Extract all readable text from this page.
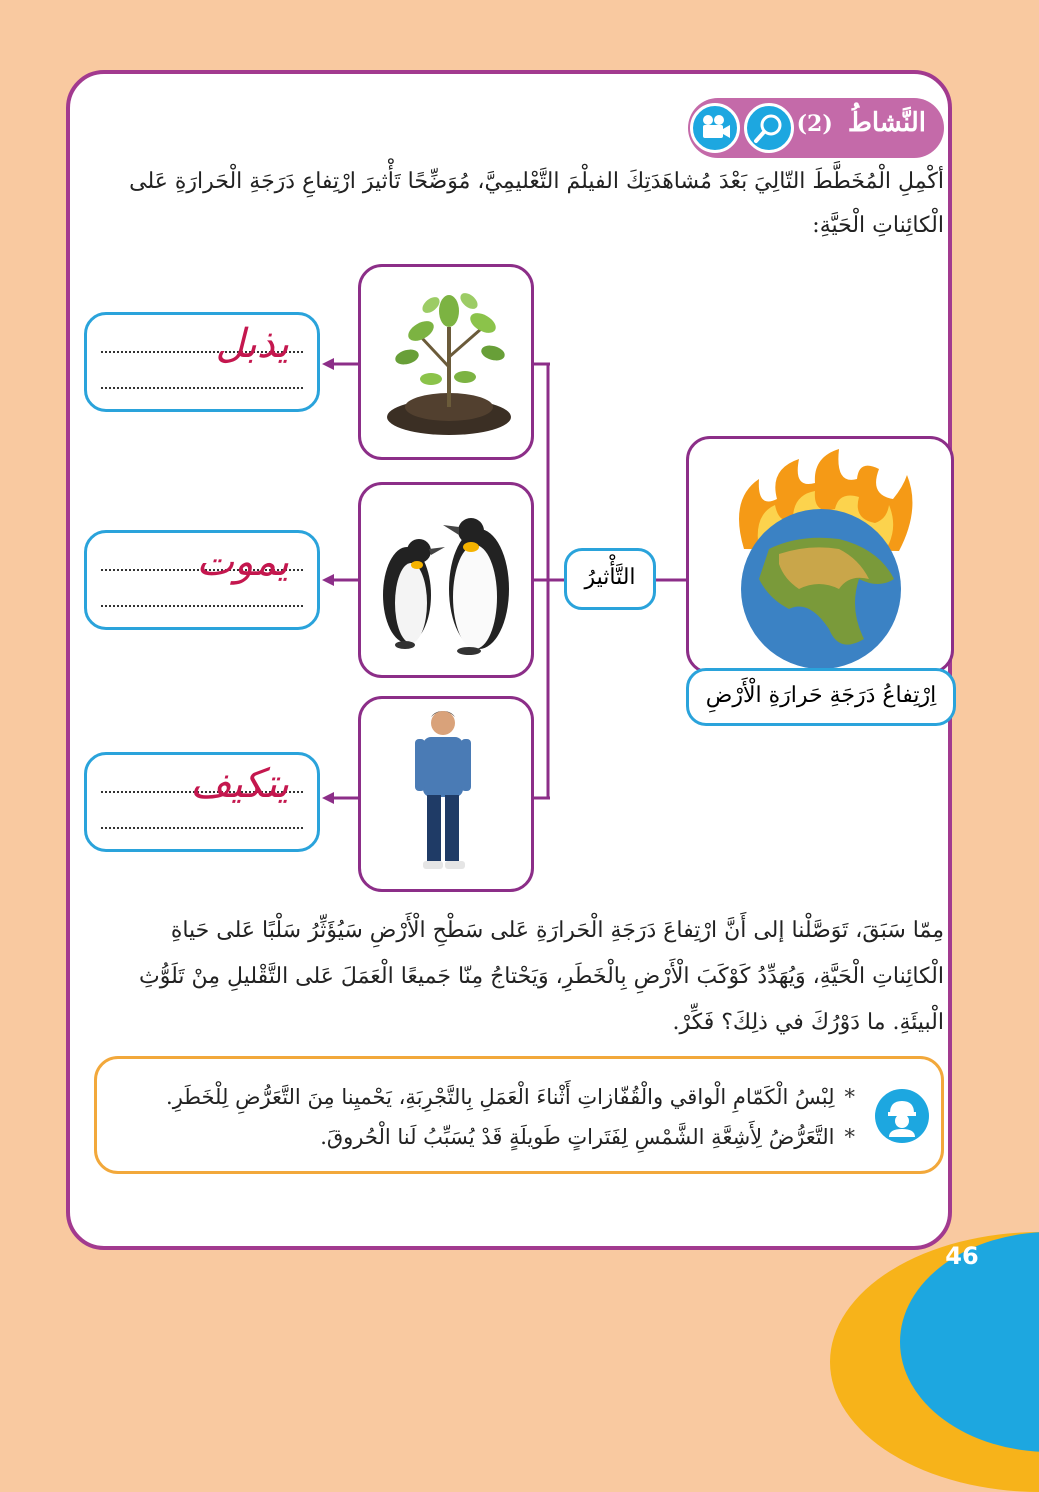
النَّشاطُ (2)
أكْمِلِ الْمُخَطَّطَ التّالِيَ بَعْدَ مُشاهَدَتِكَ الفيلْمَ التَّعْليمِيَّ، مُوَضِّحًا تَأْثيرَ ارْتِفاعِ دَرَجَةِ الْحَرارَةِ عَلى الْكائِناتِ الْحَيَّةِ:
اِرْتِفاعُ دَرَجَةِ حَرارَةِ الْأَرْضِ
التَّأْثيرُ
يذبل
يموت
يتكيف
مِمّا سَبَقَ، تَوَصَّلْنا إلى أَنَّ ارْتِفاعَ دَرَجَةِ الْحَرارَةِ عَلى سَطْحِ الْأَرْضِ سَيُؤَثِّرُ سَلْبًا عَلى حَياةِ الْكائِناتِ الْحَيَّةِ، وَيُهَدِّدُ كَوْكَبَ الْأَرْضِ بِالْخَطَرِ، وَيَحْتاجُ مِنّا جَميعًا الْعَمَلَ عَلى التَّقْليلِ مِنْ تَلَوُّثِ الْبيئَةِ. ما دَوْرُكَ في ذلِكَ؟ فَكِّرْ.
*لِبْسُ الْكَمّامِ الْواقي والْقُفّازاتِ أَثْناءَ الْعَمَلِ بِالتَّجْرِبَةِ، يَحْميِنا مِنَ التَّعَرُّضِ لِلْخَطَرِ.
*التَّعَرُّضُ لِأَشِعَّةِ الشَّمْسِ لِفَتَراتٍ طَويلَةٍ قَدْ يُسَبِّبُ لَنا الْحُروقَ.
46
